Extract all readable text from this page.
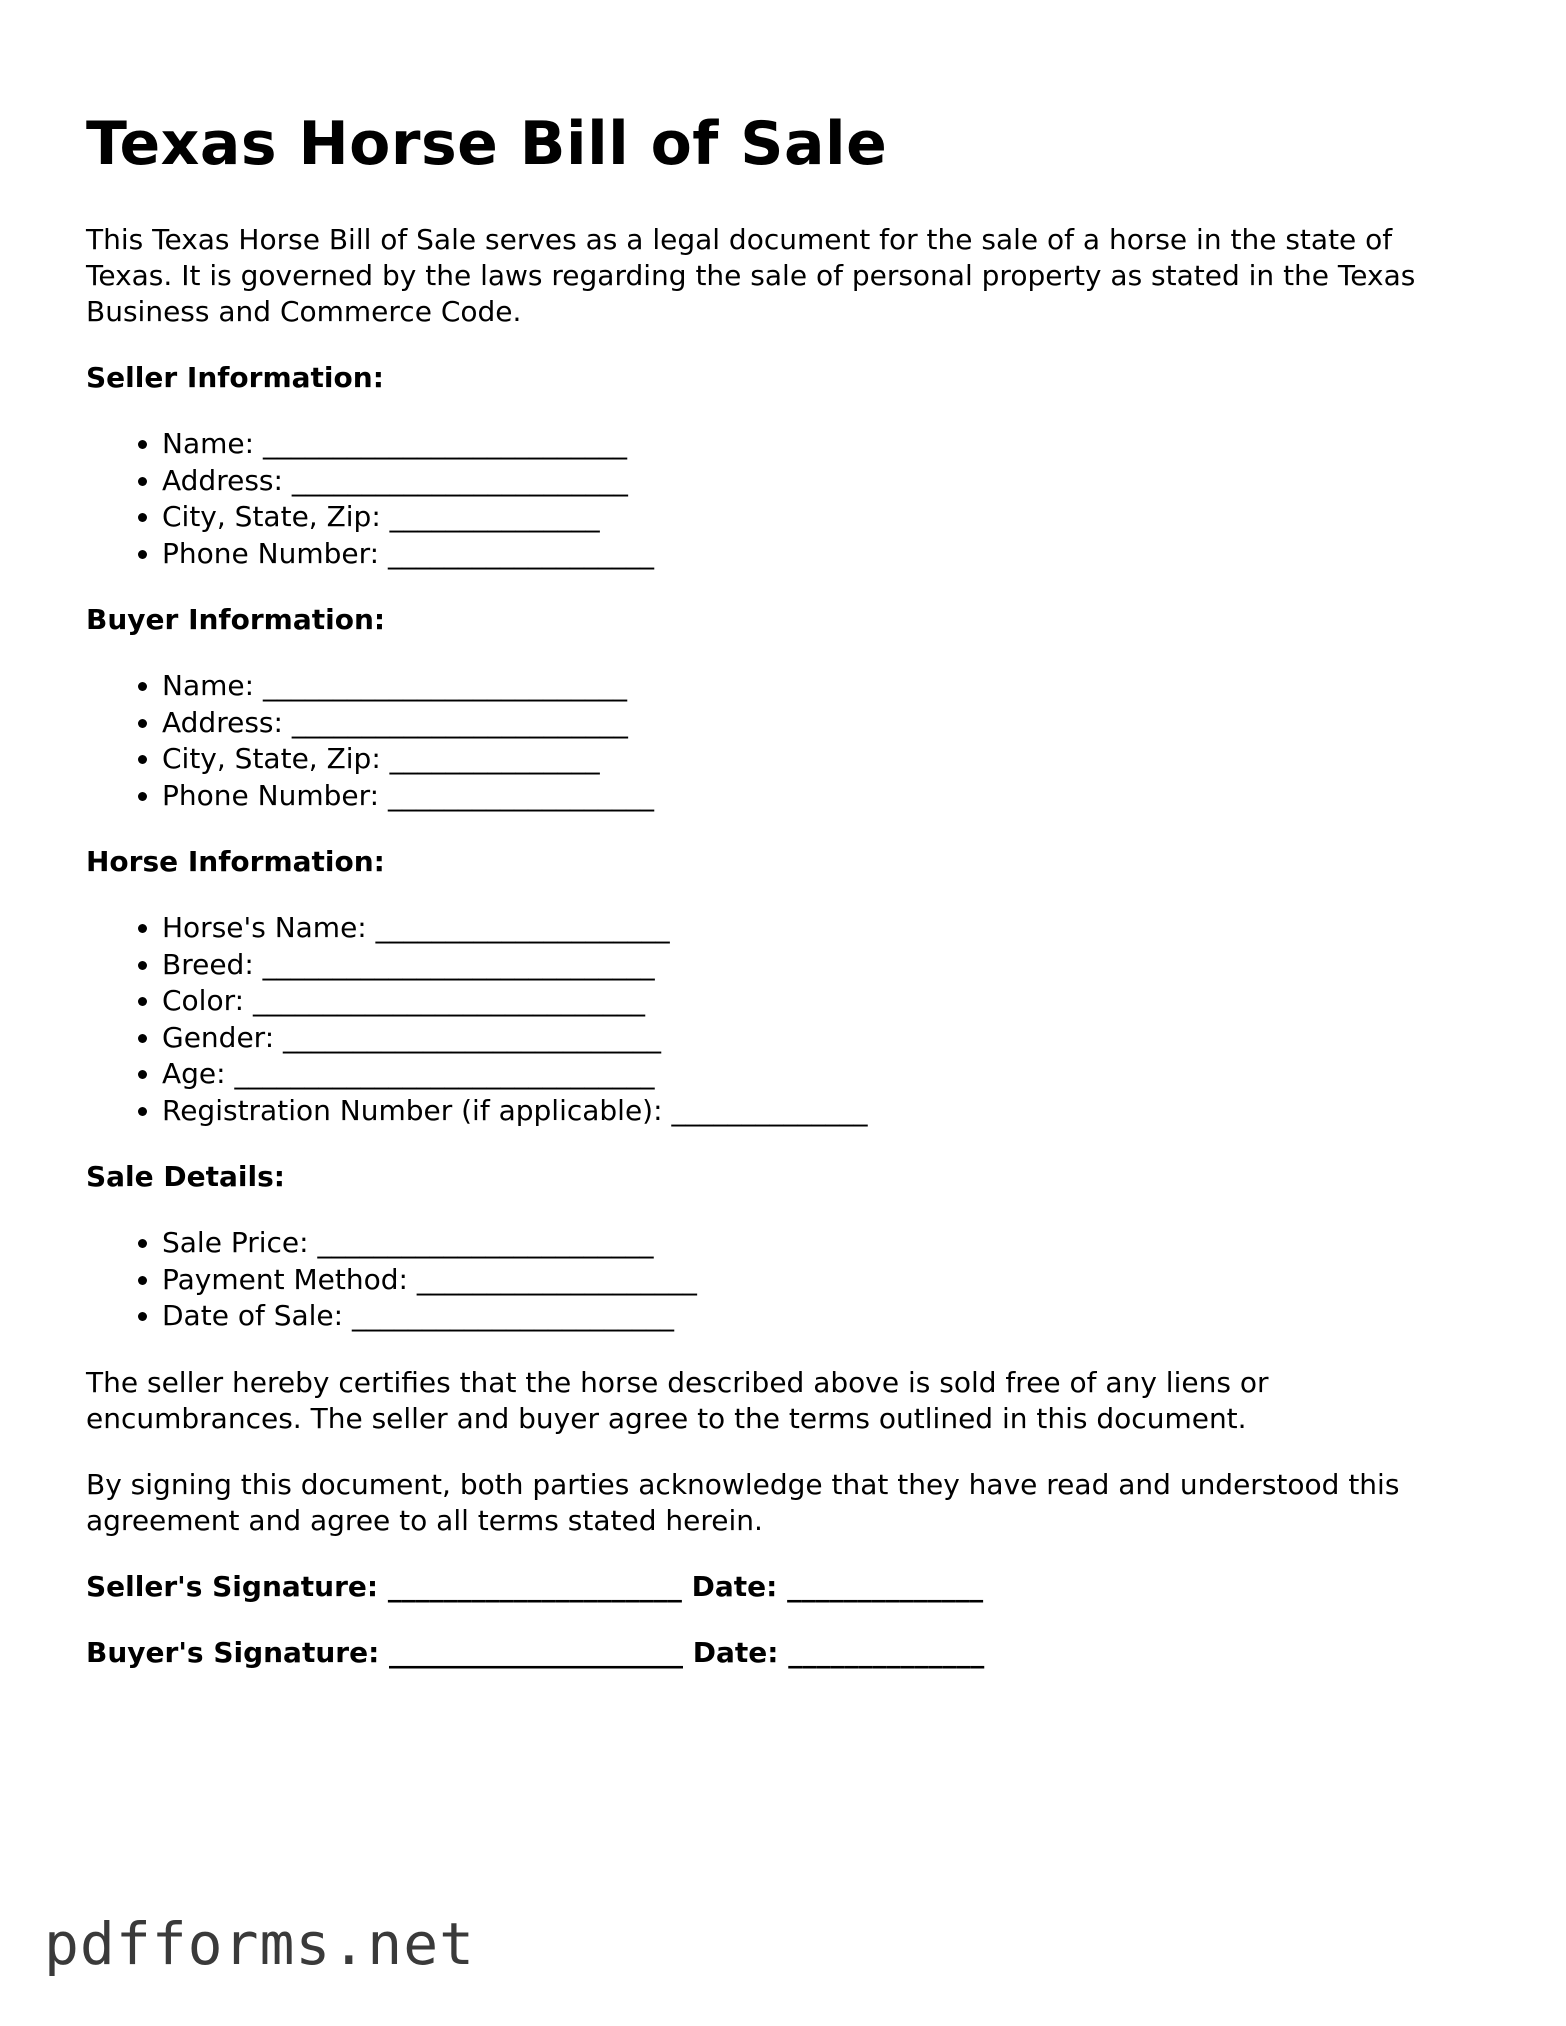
Texas Horse Bill of Sale

This Texas Horse Bill of Sale serves as a legal document for the sale of a horse in the state of Texas. It is governed by the laws regarding the sale of personal property as stated in the Texas Business and Commerce Code.

Seller Information:
• Name: __________________________
• Address: ________________________
• City, State, Zip: _______________
• Phone Number: ___________________
Buyer Information:
• Name: __________________________
• Address: ________________________
• City, State, Zip: _______________
• Phone Number: ___________________
Horse Information:
• Horse's Name: _____________________
• Breed: ____________________________
• Color: ____________________________
• Gender: ___________________________
• Age: ______________________________
• Registration Number (if applicable): ______________
Sale Details:
• Sale Price: ________________________
• Payment Method: ____________________
• Date of Sale: _______________________

The seller hereby certifies that the horse described above is sold free of any liens or encumbrances. The seller and buyer agree to the terms outlined in this document.

By signing this document, both parties acknowledge that they have read and understood this agreement and agree to all terms stated herein.

Seller's Signature: _____________________ Date: ______________
Buyer's Signature: _____________________ Date: ______________
pdfforms.net
